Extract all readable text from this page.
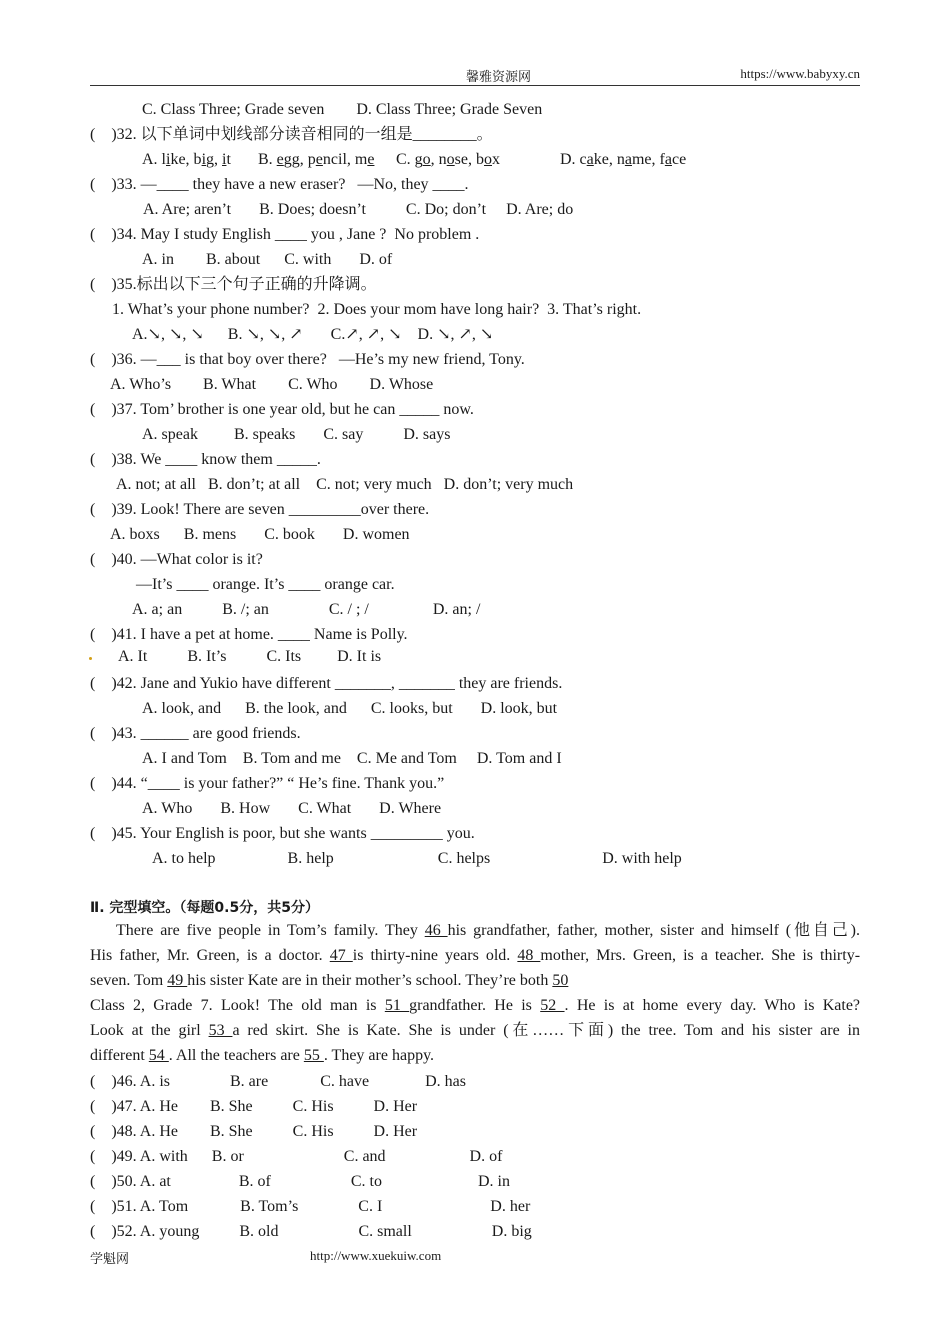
馨雅资源网	https://www.babyxy.cn
C. Class Three; Grade seven        D. Class Three; Grade Seven
(    )32. 以下单词中划线部分读音相同的一组是________。
A. like, big, it B. egg, pencil, me C. go, nose, box	D. cake, name, face
(    )33. —____ they have a new eraser?   —No, they ____.
A. Are; aren’t       B. Does; doesn’t          C. Do; don’t     D. Are; do
(    )34. May I study English ____ you , Jane ?  No problem .
A. in        B. about      C. with       D. of
(    )35.标出以下三个句子正确的升降调。
1. What’s your phone number?  2. Does your mom have long hair?  3. That’s right.
A.↘, ↘, ↘      B. ↘, ↘, ↗       C.↗, ↗, ↘    D. ↘, ↗, ↘
(    )36. —___ is that boy over there?   —He’s my new friend, Tony.
A. Who’s        B. What        C. Who        D. Whose
(    )37. Tom’ brother is one year old, but he can _____ now.
A. speak         B. speaks       C. say          D. says
(    )38. We ____ know them _____.
A. not; at all   B. don’t; at all    C. not; very much   D. don’t; very much
(    )39. Look! There are seven _________over there.
A. boxs      B. mens       C. book       D. women
(    )40. —What color is it?
—It’s ____ orange. It’s ____ orange car.
A. a; an          B. /; an               C. / ; /                D. an; /
(    )41. I have a pet at home. ____ Name is Polly.
A. It          B. It’s          C. Its         D. It is
(    )42. Jane and Yukio have different _______, _______ they are friends.
A. look, and      B. the look, and      C. looks, but       D. look, but
(    )43. ______ are good friends.
A. I and Tom    B. Tom and me    C. Me and Tom     D. Tom and I
(    )44. “____ is your father?” “ He’s fine. Thank you.”
A. Who       B. How       C. What       D. Where
(    )45. Your English is poor, but she wants _________ you.
A. to help                  B. help                          C. helps                            D. with help
Ⅱ. 完型填空。（每题0.5分，共5分）
There are five people in Tom’s family. They 46 his grandfather, father, mother, sister and himself (他自己).
His father, Mr. Green, is a doctor. 47 is thirty-nine years old. 48 mother, Mrs. Green, is a teacher. She is thirty-
seven. Tom 49 his sister Kate are in their mother’s school. They’re both 50
Class 2, Grade 7. Look! The old man is 51 grandfather. He is 52 . He is at home every day. Who is Kate?
Look at the girl 53 a red skirt. She is Kate. She is under (在……下面) the tree. Tom and his sister are in
different 54 . All the teachers are 55 . They are happy.
(    )46. A. is               B. are             C. have              D. has
(    )47. A. He        B. She          C. His          D. Her
(    )48. A. He        B. She          C. His          D. Her
(    )49. A. with      B. or                         C. and                     D. of
(    )50. A. at                 B. of                    C. to                        D. in
(    )51. A. Tom             B. Tom’s               C. I                           D. her
(    )52. A. young          B. old                    C. small                    D. big
学魁网	http://www.xuekuiw.com
